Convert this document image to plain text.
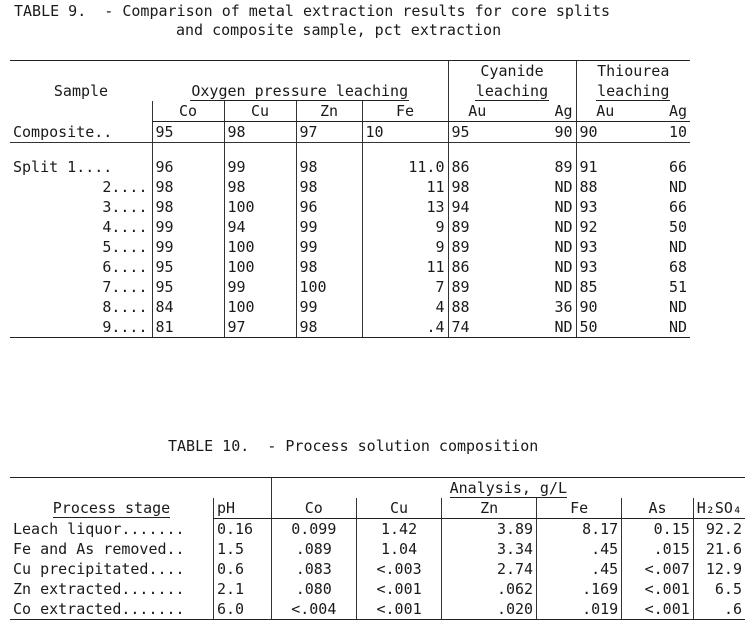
TABLE 9.  - Comparison of metal extraction results for core splits
and composite sample, pct extraction
					Cyanide		Thiourea	
Sample	Oxygen pressure leaching				leaching		leaching	
	Co	Cu	Zn	Fe	Au	Ag	Au	Ag
Composite..	95	98	97	10	95	90	90	10

Split 1....	96	99	98	11.0	86	89	91	66
2....	98	98	98	11	98	ND	88	ND
3....	98	100	96	13	94	ND	93	66
4....	99	94	99	9	89	ND	92	50
5....	99	100	99	9	89	ND	93	ND
6....	95	100	98	11	86	ND	93	68
7....	95	99	100	7	89	ND	85	51
8....	84	100	99	4	88	36	90	ND
9....	81	97	98	.4	74	ND	50	ND
TABLE 10.  - Process solution composition
		Analysis, g/L					
Process stage	pH	Co	Cu	Zn	Fe	As	H₂SO₄
Leach liquor.......	0.16	0.099	1.42	3.89	8.17	0.15	92.2
Fe and As removed..	1.5	.089	1.04	3.34	.45	.015	21.6
Cu precipitated....	0.6	.083	<.003	2.74	.45	<.007	12.9
Zn extracted.......	2.1	.080	<.001	.062	.169	<.001	6.5
Co extracted.......	6.0	<.004	<.001	.020	.019	<.001	.6
